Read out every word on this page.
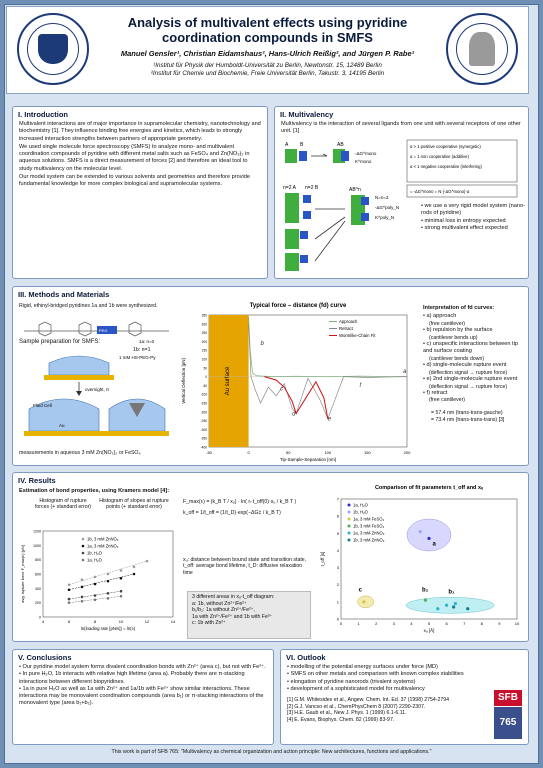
Analysis of multivalent effects using pyridine
coordination compounds in SMFS
Manuel Gensler¹, Christian Eidamshaus², Hans-Ulrich Reißig², and Jürgen P. Rabe¹
¹Institut für Physik der Humboldt-Universität zu Berlin, Newtonstr. 15, 12489 Berlin
²Institut für Chemie und Biochemie, Freie Universität Berlin, Takustr. 3, 14195 Berlin
I. Introduction

Multivalent interactions are of major importance in supramolecular chemistry, nanotechnology and biochemistry [1]. They influence binding free energies and kinetics, which leads to strongly increased interaction strengths between partners of appropriate geometry.

We used single molecule force spectroscopy (SMFS) to analyze mono- and multivalent coordination compounds of pyridine with different metal salts such as FeSO₄ and Zn(NO₃)₂ in aqueous solutions. SMFS is a direct measurement of forces [2] and therefore an ideal tool to study multivalency on the molecular level.

Our model system can be extended to various solvents and geometries and therefore provide fundamental knowledge for more complex biological and supramolecular systems.

II. Multivalency

Multivalency is the interaction of several ligands from one unit with several receptors of one other unit. [1]

A B	AB
-ΔG^mono
K^mono
α > 1 positive cooperative (synergetic)
α = 1 non cooperative (additive)
α < 1 negative cooperative (interfering)
= -ΔG^mono = N·(-ΔG^mono)·α
n=2 A n=2 B	AB^n
N=n=2
-ΔG^poly_N
K^poly_N
• we use a very rigid model system (nano-rods of pyridine)
• minimal loss in entropy expected
• strong multivalent effect expected
III. Methods and Materials
Rigid, ethinyl-bridged pyridines 1a and 1b were synthesized.
PEG
1a: n=0
1b: n=1
Sample preparation for SMFS:
1 mM HS-PEG-Py
overnight, rt
Fluid Cell
Au
measurements in aqueous 3 mM Zn(NO₃)₂ or FeSO₄
Typical force – distance (fd) curve
Au surface
-50	0	50	100	150	200
-400
-350
-300
-250
-200
-150
-100
-50
0
50
100
150
200
250
300
350
Tip-Sample-Separation [nm]
Vertical Deflection [pN]
Approach
Retract
Wormlike-Chain Fit
a
b
c
d
e
f
Interpretation of fd curves:
• a) approach
(free cantilever)
• b) repulsion by the surface
(cantilever bends up)
• c) unspecific interactions between tip and surface coating
(cantilever bends down)
• d) single-molecule rupture event
(deflection signal → rupture force)
• e) 2nd single-molecule rupture event
(deflection signal → rupture force)
• f) retract
(free cantilever)
= 57.4 nm (trans-trans-gauche)
= 73.4 nm (trans-trans-trans) [3]
IV. Results
Estimation of bond properties, using Kramers model [4]:
Histogram of rupture forces (+ standard error)
Histogram of slopes at rupture points (+ standard error)
4	6	8	10	12	14
0
200
400
600
800
1000
1200
ln(loading rate [pN/s]) = ln(rₗ)
avg. rupture force F_max(rₗ) [pN]
1b, 3 mM ZnNO₃
1a, 3 mM ZnNO₃
1b, H₂O
1a, H₂O
F_max(rₗ) = (k_B T / xᵤ) · ln( rₗ·t_off(0)·xᵤ / k_B T )
k_off = 1/t_off = (1/t_D)·exp(−ΔG‡ / k_B T)
xᵤ: distance between bound state and transition state, t_off: average bond lifetime, t_D: diffusive relaxation time
3 different areas in xᵤ-t_off diagram:
a: 1b, without Zn²⁺/Fe²⁺
b₁/b₂: 1a without Zn²⁺/Fe²⁺,
1a with Zn²⁺/Fe²⁺ and 1b with Fe²⁺
c: 1b with Zn²⁺
Comparison of fit parameters t_off and xᵤ
0	1	2	3	4	5	6	7	8	9	10
0
1
2
3
4
5
6
7
xᵤ [Å]
t_off [s]
1a, H₂O
1b, H₂O
1a, 3 mM FeSO₄
1b, 3 mM FeSO₄
1a, 3 mM ZnNO₃
1b, 3 mM ZnNO₃
a
b₁
b₂
c
V. Conclusions
• Our pyridine model system forms divalent coordination bonds with Zn²⁺ (area c), but not with Fe²⁺.
• In pure H₂O, 1b interacts with relative high lifetime (area a). Probably there are π-stacking interactions between different biopyridines.
• 1a in pure H₂O as well as 1a with Zn²⁺ and 1a/1b with Fe²⁺ show similar interactions. These interactions may be monovalent coordination compounds (area b₁) or π-stacking interactions of the monovalent type (area b₁+b₂).
VI. Outlook
• modelling of the potential energy surfaces under force (MD)
• SMFS on other metals and comparison with known complex stabilities
• elongation of pyridine nanorods (trivalent systems)
• development of a sophisticated model for multivalency
[1] G.M. Whitesides et al., Angew. Chem. Int. Ed. 37 (1998) 2754-2794
[2] G.J. Vancso et al., ChemPhysChem 8 (2007) 2290-2307.
[3] H.E. Gaub et al., New J. Phys. 1 (1999) 6.1-6.11.
[4] E. Evans, Biophys. Chem. 82 (1999) 83-97.
SFB
765
This work is part of SFB 765: "Multivalency as chemical organization and action principle: New architectures, functions and applications."
